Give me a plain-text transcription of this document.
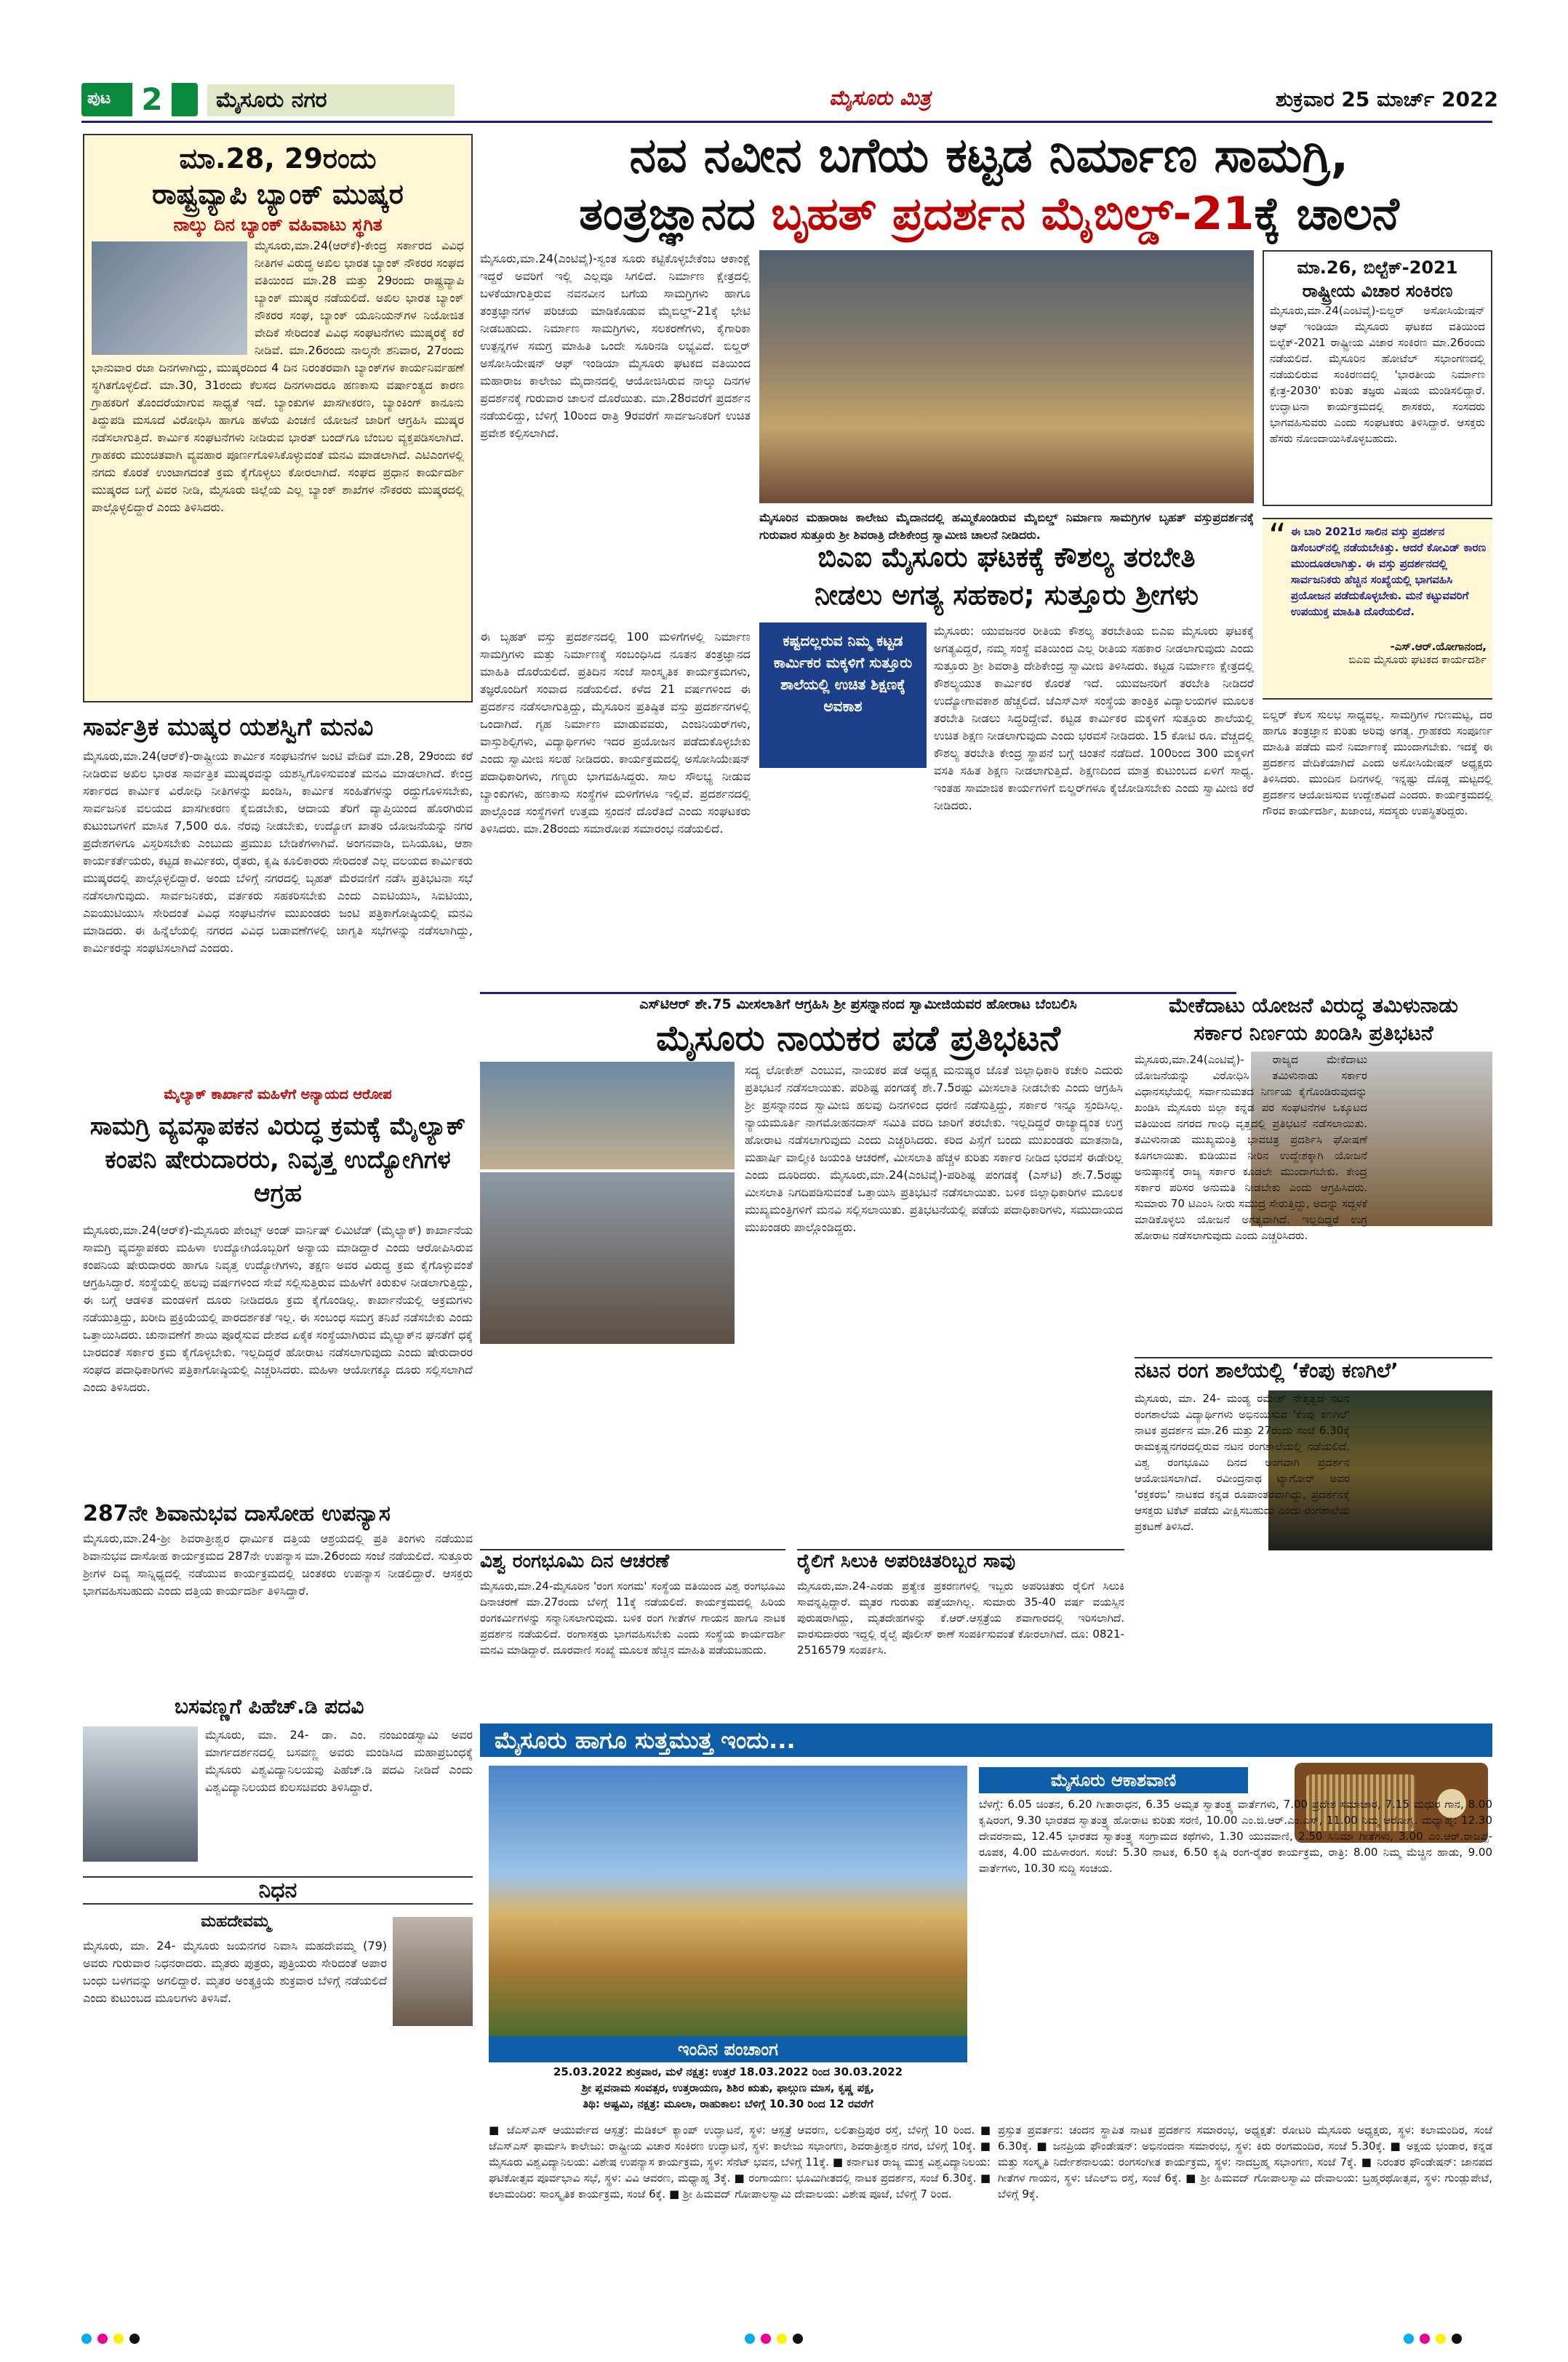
ಪುಟ 2	ಮೈಸೂರು ನಗರ	ಮೈಸೂರು ಮಿತ್ರ	ಶುಕ್ರವಾರ 25 ಮಾರ್ಚ್ 2022
ಮಾ.28, 29ರಂದು
ರಾಷ್ಟ್ರವ್ಯಾಪಿ ಬ್ಯಾಂಕ್ ಮುಷ್ಕರ
ನಾಲ್ಕು ದಿನ ಬ್ಯಾಂಕ್ ವಹಿವಾಟು ಸ್ಥಗಿತ
ಮೈಸೂರು,ಮಾ.24(ಆರ್‌ಕೆ)-ಕೇಂದ್ರ ಸರ್ಕಾರದ ವಿವಿಧ ನೀತಿಗಳ ವಿರುದ್ಧ ಅಖಿಲ ಭಾರತ ಬ್ಯಾಂಕ್ ನೌಕರರ ಸಂಘದ ವತಿಯಿಂದ ಮಾ.28 ಮತ್ತು 29ರಂದು ರಾಷ್ಟ್ರವ್ಯಾಪಿ ಬ್ಯಾಂಕ್ ಮುಷ್ಕರ ನಡೆಯಲಿದೆ. ಅಖಿಲ ಭಾರತ ಬ್ಯಾಂಕ್ ನೌಕರರ ಸಂಘ, ಬ್ಯಾಂಕ್ ಯೂನಿಯನ್‌ಗಳ ನಿಯೋಜಿತ ವೇದಿಕೆ ಸೇರಿದಂತೆ ವಿವಿಧ ಸಂಘಟನೆಗಳು ಮುಷ್ಕರಕ್ಕೆ ಕರೆ ನೀಡಿವೆ. ಮಾ.26ರಂದು ನಾಲ್ಕನೇ ಶನಿವಾರ, 27ರಂದು ಭಾನುವಾರ ರಜಾ ದಿನಗಳಾಗಿದ್ದು, ಮುಷ್ಕರದಿಂದ 4 ದಿನ ನಿರಂತರವಾಗಿ ಬ್ಯಾಂಕ್‌ಗಳ ಕಾರ್ಯನಿರ್ವಹಣೆ ಸ್ಥಗಿತಗೊಳ್ಳಲಿದೆ. ಮಾ.30, 31ರಂದು ಕೆಲಸದ ದಿನಗಳಾದರೂ ಹಣಕಾಸು ವರ್ಷಾಂತ್ಯದ ಕಾರಣ ಗ್ರಾಹಕರಿಗೆ ತೊಂದರೆಯಾಗುವ ಸಾಧ್ಯತೆ ಇದೆ. ಬ್ಯಾಂಕುಗಳ ಖಾಸಗೀಕರಣ, ಬ್ಯಾಂಕಿಂಗ್ ಕಾನೂನು ತಿದ್ದುಪಡಿ ಮಸೂದೆ ವಿರೋಧಿಸಿ ಹಾಗೂ ಹಳೆಯ ಪಿಂಚಣಿ ಯೋಜನೆ ಜಾರಿಗೆ ಆಗ್ರಹಿಸಿ ಮುಷ್ಕರ ನಡೆಸಲಾಗುತ್ತಿದೆ. ಕಾರ್ಮಿಕ ಸಂಘಟನೆಗಳು ನೀಡಿರುವ ಭಾರತ್ ಬಂದ್‌ಗೂ ಬೆಂಬಲ ವ್ಯಕ್ತಪಡಿಸಲಾಗಿದೆ. ಗ್ರಾಹಕರು ಮುಂಚಿತವಾಗಿ ವ್ಯವಹಾರ ಪೂರ್ಣಗೊಳಿಸಿಕೊಳ್ಳುವಂತೆ ಮನವಿ ಮಾಡಲಾಗಿದೆ. ಎಟಿಎಂಗಳಲ್ಲಿ ನಗದು ಕೊರತೆ ಉಂಟಾಗದಂತೆ ಕ್ರಮ ಕೈಗೊಳ್ಳಲು ಕೋರಲಾಗಿದೆ. ಸಂಘದ ಪ್ರಧಾನ ಕಾರ್ಯದರ್ಶಿ ಮುಷ್ಕರದ ಬಗ್ಗೆ ವಿವರ ನೀಡಿ, ಮೈಸೂರು ಜಿಲ್ಲೆಯ ಎಲ್ಲ ಬ್ಯಾಂಕ್ ಶಾಖೆಗಳ ನೌಕರರು ಮುಷ್ಕರದಲ್ಲಿ ಪಾಲ್ಗೊಳ್ಳಲಿದ್ದಾರೆ ಎಂದು ತಿಳಿಸಿದರು.
ಸಾರ್ವತ್ರಿಕ ಮುಷ್ಕರ ಯಶಸ್ವಿಗೆ ಮನವಿ
ಮೈಸೂರು,ಮಾ.24(ಆರ್‌ಕೆ)-ರಾಷ್ಟ್ರೀಯ ಕಾರ್ಮಿಕ ಸಂಘಟನೆಗಳ ಜಂಟಿ ವೇದಿಕೆ ಮಾ.28, 29ರಂದು ಕರೆ ನೀಡಿರುವ ಅಖಿಲ ಭಾರತ ಸಾರ್ವತ್ರಿಕ ಮುಷ್ಕರವನ್ನು ಯಶಸ್ವಿಗೊಳಿಸುವಂತೆ ಮನವಿ ಮಾಡಲಾಗಿದೆ. ಕೇಂದ್ರ ಸರ್ಕಾರದ ಕಾರ್ಮಿಕ ವಿರೋಧಿ ನೀತಿಗಳನ್ನು ಖಂಡಿಸಿ, ಕಾರ್ಮಿಕ ಸಂಹಿತೆಗಳನ್ನು ರದ್ದುಗೊಳಿಸಬೇಕು, ಸಾರ್ವಜನಿಕ ವಲಯದ ಖಾಸಗೀಕರಣ ಕೈಬಿಡಬೇಕು, ಆದಾಯ ತೆರಿಗೆ ವ್ಯಾಪ್ತಿಯಿಂದ ಹೊರಗಿರುವ ಕುಟುಂಬಗಳಿಗೆ ಮಾಸಿಕ 7,500 ರೂ. ನೆರವು ನೀಡಬೇಕು, ಉದ್ಯೋಗ ಖಾತರಿ ಯೋಜನೆಯನ್ನು ನಗರ ಪ್ರದೇಶಗಳಿಗೂ ವಿಸ್ತರಿಸಬೇಕು ಎಂಬುದು ಪ್ರಮುಖ ಬೇಡಿಕೆಗಳಾಗಿವೆ. ಅಂಗನವಾಡಿ, ಬಿಸಿಯೂಟ, ಆಶಾ ಕಾರ್ಯಕರ್ತೆಯರು, ಕಟ್ಟಡ ಕಾರ್ಮಿಕರು, ರೈತರು, ಕೃಷಿ ಕೂಲಿಕಾರರು ಸೇರಿದಂತೆ ಎಲ್ಲ ವಲಯದ ಕಾರ್ಮಿಕರು ಮುಷ್ಕರದಲ್ಲಿ ಪಾಲ್ಗೊಳ್ಳಲಿದ್ದಾರೆ. ಅಂದು ಬೆಳಿಗ್ಗೆ ನಗರದಲ್ಲಿ ಬೃಹತ್ ಮೆರವಣಿಗೆ ನಡೆಸಿ ಪ್ರತಿಭಟನಾ ಸಭೆ ನಡೆಸಲಾಗುವುದು. ಸಾರ್ವಜನಿಕರು, ವರ್ತಕರು ಸಹಕರಿಸಬೇಕು ಎಂದು ಎಐಟಿಯುಸಿ, ಸಿಐಟಿಯು, ಎಐಯುಟಿಯುಸಿ ಸೇರಿದಂತೆ ವಿವಿಧ ಸಂಘಟನೆಗಳ ಮುಖಂಡರು ಜಂಟಿ ಪತ್ರಿಕಾಗೋಷ್ಠಿಯಲ್ಲಿ ಮನವಿ ಮಾಡಿದರು. ಈ ಹಿನ್ನೆಲೆಯಲ್ಲಿ ನಗರದ ವಿವಿಧ ಬಡಾವಣೆಗಳಲ್ಲಿ ಜಾಗೃತಿ ಸಭೆಗಳನ್ನು ನಡೆಸಲಾಗಿದ್ದು, ಕಾರ್ಮಿಕರನ್ನು ಸಂಘಟಿಸಲಾಗಿದೆ ಎಂದರು.
ಮೈಲ್ಯಾಕ್ ಕಾರ್ಖಾನೆ ಮಹಿಳೆಗೆ ಅನ್ಯಾಯದ ಆರೋಪ
ಸಾಮಗ್ರಿ ವ್ಯವಸ್ಥಾಪಕನ ವಿರುದ್ಧ ಕ್ರಮಕ್ಕೆ ಮೈಲ್ಯಾಕ್ ಕಂಪನಿ ಷೇರುದಾರರು, ನಿವೃತ್ತ ಉದ್ಯೋಗಿಗಳ ಆಗ್ರಹ
ಮೈಸೂರು,ಮಾ.24(ಆರ್‌ಕೆ)-ಮೈಸೂರು ಪೇಂಟ್ಸ್ ಅಂಡ್ ವಾರ್ನಿಷ್ ಲಿಮಿಟೆಡ್ (ಮೈಲ್ಯಾಕ್) ಕಾರ್ಖಾನೆಯ ಸಾಮಗ್ರಿ ವ್ಯವಸ್ಥಾಪಕರು ಮಹಿಳಾ ಉದ್ಯೋಗಿಯೊಬ್ಬರಿಗೆ ಅನ್ಯಾಯ ಮಾಡಿದ್ದಾರೆ ಎಂದು ಆರೋಪಿಸಿರುವ ಕಂಪನಿಯ ಷೇರುದಾರರು ಹಾಗೂ ನಿವೃತ್ತ ಉದ್ಯೋಗಿಗಳು, ತಕ್ಷಣ ಅವರ ವಿರುದ್ಧ ಕ್ರಮ ಕೈಗೊಳ್ಳುವಂತೆ ಆಗ್ರಹಿಸಿದ್ದಾರೆ. ಸಂಸ್ಥೆಯಲ್ಲಿ ಹಲವು ವರ್ಷಗಳಿಂದ ಸೇವೆ ಸಲ್ಲಿಸುತ್ತಿರುವ ಮಹಿಳೆಗೆ ಕಿರುಕುಳ ನೀಡಲಾಗುತ್ತಿದ್ದು, ಈ ಬಗ್ಗೆ ಆಡಳಿತ ಮಂಡಳಿಗೆ ದೂರು ನೀಡಿದರೂ ಕ್ರಮ ಕೈಗೊಂಡಿಲ್ಲ. ಕಾರ್ಖಾನೆಯಲ್ಲಿ ಅಕ್ರಮಗಳು ನಡೆಯುತ್ತಿದ್ದು, ಖರೀದಿ ಪ್ರಕ್ರಿಯೆಯಲ್ಲಿ ಪಾರದರ್ಶಕತೆ ಇಲ್ಲ. ಈ ಸಂಬಂಧ ಸಮಗ್ರ ತನಿಖೆ ನಡೆಸಬೇಕು ಎಂದು ಒತ್ತಾಯಿಸಿದರು. ಚುನಾವಣೆಗೆ ಶಾಯಿ ಪೂರೈಸುವ ದೇಶದ ಏಕೈಕ ಸಂಸ್ಥೆಯಾಗಿರುವ ಮೈಲ್ಯಾಕ್‌ನ ಘನತೆಗೆ ಧಕ್ಕೆ ಬಾರದಂತೆ ಸರ್ಕಾರ ಕ್ರಮ ಕೈಗೊಳ್ಳಬೇಕು. ಇಲ್ಲದಿದ್ದರೆ ಹೋರಾಟ ನಡೆಸಲಾಗುವುದು ಎಂದು ಷೇರುದಾರರ ಸಂಘದ ಪದಾಧಿಕಾರಿಗಳು ಪತ್ರಿಕಾಗೋಷ್ಠಿಯಲ್ಲಿ ಎಚ್ಚರಿಸಿದರು. ಮಹಿಳಾ ಆಯೋಗಕ್ಕೂ ದೂರು ಸಲ್ಲಿಸಲಾಗಿದೆ ಎಂದು ತಿಳಿಸಿದರು.
287ನೇ ಶಿವಾನುಭವ ದಾಸೋಹ ಉಪನ್ಯಾಸ
ಮೈಸೂರು,ಮಾ.24-ಶ್ರೀ ಶಿವರಾತ್ರೀಶ್ವರ ಧಾರ್ಮಿಕ ದತ್ತಿಯ ಆಶ್ರಯದಲ್ಲಿ ಪ್ರತಿ ತಿಂಗಳು ನಡೆಯುವ ಶಿವಾನುಭವ ದಾಸೋಹ ಕಾರ್ಯಕ್ರಮದ 287ನೇ ಉಪನ್ಯಾಸ ಮಾ.26ರಂದು ಸಂಜೆ ನಡೆಯಲಿದೆ. ಸುತ್ತೂರು ಶ್ರೀಗಳ ದಿವ್ಯ ಸಾನ್ನಿಧ್ಯದಲ್ಲಿ ನಡೆಯುವ ಕಾರ್ಯಕ್ರಮದಲ್ಲಿ ಚಿಂತಕರು ಉಪನ್ಯಾಸ ನೀಡಲಿದ್ದಾರೆ. ಆಸಕ್ತರು ಭಾಗವಹಿಸಬಹುದು ಎಂದು ದತ್ತಿಯ ಕಾರ್ಯದರ್ಶಿ ತಿಳಿಸಿದ್ದಾರೆ.
ಬಸವಣ್ಣಗೆ ಪಿಹೆಚ್.ಡಿ ಪದವಿ
ಮೈಸೂರು, ಮಾ. 24- ಡಾ. ಎಂ. ನಂಜುಂಡಸ್ವಾಮಿ ಅವರ ಮಾರ್ಗದರ್ಶನದಲ್ಲಿ ಬಸವಣ್ಣ ಅವರು ಮಂಡಿಸಿದ ಮಹಾಪ್ರಬಂಧಕ್ಕೆ ಮೈಸೂರು ವಿಶ್ವವಿದ್ಯಾನಿಲಯವು ಪಿಹೆಚ್.ಡಿ ಪದವಿ ನೀಡಿದೆ ಎಂದು ವಿಶ್ವವಿದ್ಯಾನಿಲಯದ ಕುಲಸಚಿವರು ತಿಳಿಸಿದ್ದಾರೆ.
ನಿಧನ
ಮಹದೇವಮ್ಮ
ಮೈಸೂರು, ಮಾ. 24- ಮೈಸೂರು ಜಯನಗರ ನಿವಾಸಿ ಮಹದೇವಮ್ಮ (79) ಅವರು ಗುರುವಾರ ನಿಧನರಾದರು. ಮೃತರು ಪುತ್ರರು, ಪುತ್ರಿಯರು ಸೇರಿದಂತೆ ಅಪಾರ ಬಂಧು ಬಳಗವನ್ನು ಅಗಲಿದ್ದಾರೆ. ಮೃತರ ಅಂತ್ಯಕ್ರಿಯೆ ಶುಕ್ರವಾರ ಬೆಳಿಗ್ಗೆ ನಡೆಯಲಿದೆ ಎಂದು ಕುಟುಂಬದ ಮೂಲಗಳು ತಿಳಿಸಿವೆ.
ನವ ನವೀನ ಬಗೆಯ ಕಟ್ಟಡ ನಿರ್ಮಾಣ ಸಾಮಗ್ರಿ,
ತಂತ್ರಜ್ಞಾನದ ಬೃಹತ್ ಪ್ರದರ್ಶನ ಮೈಬಿಲ್ಡ್-21ಕ್ಕೆ ಚಾಲನೆ
ಮೈಸೂರು,ಮಾ.24(ಎಂಟಿವೈ)-ಸ್ವಂತ ಸೂರು ಕಟ್ಟಿಕೊಳ್ಳಬೇಕೆಂಬ ಆಕಾಂಕ್ಷೆ ಇದ್ದರೆ ಅವರಿಗೆ ಇಲ್ಲಿ ಎಲ್ಲವೂ ಸಿಗಲಿದೆ. ನಿರ್ಮಾಣ ಕ್ಷೇತ್ರದಲ್ಲಿ ಬಳಕೆಯಾಗುತ್ತಿರುವ ನವನವೀನ ಬಗೆಯ ಸಾಮಗ್ರಿಗಳು ಹಾಗೂ ತಂತ್ರಜ್ಞಾನಗಳ ಪರಿಚಯ ಮಾಡಿಕೊಡುವ ಮೈಬಿಲ್ಡ್-21ಕ್ಕೆ ಭೇಟಿ ನೀಡಬಹುದು. ನಿರ್ಮಾಣ ಸಾಮಗ್ರಿಗಳು, ಸಲಕರಣೆಗಳು, ಕೈಗಾರಿಕಾ ಉತ್ಪನ್ನಗಳ ಸಮಗ್ರ ಮಾಹಿತಿ ಒಂದೇ ಸೂರಿನಡಿ ಲಭ್ಯವಿದೆ. ಬಿಲ್ಡರ್ ಅಸೋಸಿಯೇಷನ್ ಆಫ್ ಇಂಡಿಯಾ ಮೈಸೂರು ಘಟಕದ ವತಿಯಿಂದ ಮಹಾರಾಜ ಕಾಲೇಜು ಮೈದಾನದಲ್ಲಿ ಆಯೋಜಿಸಿರುವ ನಾಲ್ಕು ದಿನಗಳ ಪ್ರದರ್ಶನಕ್ಕೆ ಗುರುವಾರ ಚಾಲನೆ ದೊರೆಯಿತು. ಮಾ.28ರವರೆಗೆ ಪ್ರದರ್ಶನ ನಡೆಯಲಿದ್ದು, ಬೆಳಿಗ್ಗೆ 10ರಿಂದ ರಾತ್ರಿ 9ರವರೆಗೆ ಸಾರ್ವಜನಿಕರಿಗೆ ಉಚಿತ ಪ್ರವೇಶ ಕಲ್ಪಿಸಲಾಗಿದೆ.
ಈ ಬೃಹತ್ ವಸ್ತು ಪ್ರದರ್ಶನದಲ್ಲಿ 100 ಮಳಿಗೆಗಳಲ್ಲಿ ನಿರ್ಮಾಣ ಸಾಮಗ್ರಿಗಳು ಮತ್ತು ನಿರ್ಮಾಣಕ್ಕೆ ಸಂಬಂಧಿಸಿದ ನೂತನ ತಂತ್ರಜ್ಞಾನದ ಮಾಹಿತಿ ದೊರೆಯಲಿದೆ. ಪ್ರತಿದಿನ ಸಂಜೆ ಸಾಂಸ್ಕೃತಿಕ ಕಾರ್ಯಕ್ರಮಗಳು, ತಜ್ಞರೊಂದಿಗೆ ಸಂವಾದ ನಡೆಯಲಿದೆ. ಕಳೆದ 21 ವರ್ಷಗಳಿಂದ ಈ ಪ್ರದರ್ಶನ ನಡೆಸಲಾಗುತ್ತಿದ್ದು, ಮೈಸೂರಿನ ಪ್ರತಿಷ್ಠಿತ ವಸ್ತು ಪ್ರದರ್ಶನಗಳಲ್ಲಿ ಒಂದಾಗಿದೆ. ಗೃಹ ನಿರ್ಮಾಣ ಮಾಡುವವರು, ಎಂಜಿನಿಯರ್‌ಗಳು, ವಾಸ್ತುಶಿಲ್ಪಿಗಳು, ವಿದ್ಯಾರ್ಥಿಗಳು ಇದರ ಪ್ರಯೋಜನ ಪಡೆದುಕೊಳ್ಳಬೇಕು ಎಂದು ಸ್ವಾಮೀಜಿ ಸಲಹೆ ನೀಡಿದರು. ಕಾರ್ಯಕ್ರಮದಲ್ಲಿ ಅಸೋಸಿಯೇಷನ್ ಪದಾಧಿಕಾರಿಗಳು, ಗಣ್ಯರು ಭಾಗವಹಿಸಿದ್ದರು. ಸಾಲ ಸೌಲಭ್ಯ ನೀಡುವ ಬ್ಯಾಂಕುಗಳು, ಹಣಕಾಸು ಸಂಸ್ಥೆಗಳ ಮಳಿಗೆಗಳೂ ಇಲ್ಲಿವೆ. ಪ್ರದರ್ಶನದಲ್ಲಿ ಪಾಲ್ಗೊಂಡ ಸಂಸ್ಥೆಗಳಿಗೆ ಉತ್ತಮ ಸ್ಪಂದನೆ ದೊರೆತಿದೆ ಎಂದು ಸಂಘಟಕರು ತಿಳಿಸಿದರು. ಮಾ.28ರಂದು ಸಮಾರೋಪ ಸಮಾರಂಭ ನಡೆಯಲಿದೆ.
ಮೈಸೂರಿನ ಮಹಾರಾಜ ಕಾಲೇಜು ಮೈದಾನದಲ್ಲಿ ಹಮ್ಮಿಕೊಂಡಿರುವ ಮೈಬಿಲ್ಡ್ ನಿರ್ಮಾಣ ಸಾಮಗ್ರಿಗಳ ಬೃಹತ್ ವಸ್ತುಪ್ರದರ್ಶನಕ್ಕೆ ಗುರುವಾರ ಸುತ್ತೂರು ಶ್ರೀ ಶಿವರಾತ್ರಿ ದೇಶಿಕೇಂದ್ರ ಸ್ವಾಮೀಜಿ ಚಾಲನೆ ನೀಡಿದರು.
ಮಾ.26, ಬಿಲ್ಟೆಕ್-2021
ರಾಷ್ಟ್ರೀಯ ವಿಚಾರ ಸಂಕಿರಣ
ಮೈಸೂರು,ಮಾ.24(ಎಂಟಿವೈ)-ಬಿಲ್ಡರ್ ಅಸೋಸಿಯೇಷನ್ ಆಫ್ ಇಂಡಿಯಾ ಮೈಸೂರು ಘಟಕದ ವತಿಯಿಂದ ಬಿಲ್ಟೆಕ್-2021 ರಾಷ್ಟ್ರೀಯ ವಿಚಾರ ಸಂಕಿರಣ ಮಾ.26ರಂದು ನಡೆಯಲಿದೆ. ಮೈಸೂರಿನ ಹೋಟೆಲ್ ಸಭಾಂಗಣದಲ್ಲಿ ನಡೆಯಲಿರುವ ಸಂಕಿರಣದಲ್ಲಿ 'ಭಾರತೀಯ ನಿರ್ಮಾಣ ಕ್ಷೇತ್ರ-2030' ಕುರಿತು ತಜ್ಞರು ವಿಷಯ ಮಂಡಿಸಲಿದ್ದಾರೆ. ಉದ್ಘಾಟನಾ ಕಾರ್ಯಕ್ರಮದಲ್ಲಿ ಶಾಸಕರು, ಸಂಸದರು ಭಾಗವಹಿಸುವರು ಎಂದು ಸಂಘಟಕರು ತಿಳಿಸಿದ್ದಾರೆ. ಆಸಕ್ತರು ಹೆಸರು ನೋಂದಾಯಿಸಿಕೊಳ್ಳಬಹುದು.
“ ಈ ಬಾರಿ 2021ರ ಸಾಲಿನ ವಸ್ತು ಪ್ರದರ್ಶನ ಡಿಸೆಂಬರ್‌ನಲ್ಲಿ ನಡೆಯಬೇಕಿತ್ತು. ಆದರೆ ಕೋವಿಡ್ ಕಾರಣ ಮುಂದೂಡಲಾಗಿತ್ತು. ಈ ವಸ್ತು ಪ್ರದರ್ಶನದಲ್ಲಿ ಸಾರ್ವಜನಿಕರು ಹೆಚ್ಚಿನ ಸಂಖ್ಯೆಯಲ್ಲಿ ಭಾಗವಹಿಸಿ ಪ್ರಯೋಜನ ಪಡೆದುಕೊಳ್ಳಬೇಕು. ಮನೆ ಕಟ್ಟುವವರಿಗೆ ಉಪಯುಕ್ತ ಮಾಹಿತಿ ದೊರೆಯಲಿದೆ.
-ಎಸ್.ಆರ್.ಯೋಗಾನಂದ,
ಬಿಎಐ ಮೈಸೂರು ಘಟಕದ ಕಾರ್ಯದರ್ಶಿ
ಬಿಲ್ಡರ್ ಕೆಲಸ ಸುಲಭ ಸಾಧ್ಯವಲ್ಲ. ಸಾಮಗ್ರಿಗಳ ಗುಣಮಟ್ಟ, ದರ ಹಾಗೂ ತಂತ್ರಜ್ಞಾನ ಕುರಿತು ಅರಿವು ಅಗತ್ಯ. ಗ್ರಾಹಕರು ಸಂಪೂರ್ಣ ಮಾಹಿತಿ ಪಡೆದು ಮನೆ ನಿರ್ಮಾಣಕ್ಕೆ ಮುಂದಾಗಬೇಕು. ಇದಕ್ಕೆ ಈ ಪ್ರದರ್ಶನ ವೇದಿಕೆಯಾಗಿದೆ ಎಂದು ಅಸೋಸಿಯೇಷನ್ ಅಧ್ಯಕ್ಷರು ತಿಳಿಸಿದರು. ಮುಂದಿನ ದಿನಗಳಲ್ಲಿ ಇನ್ನಷ್ಟು ದೊಡ್ಡ ಮಟ್ಟದಲ್ಲಿ ಪ್ರದರ್ಶನ ಆಯೋಜಿಸುವ ಉದ್ದೇಶವಿದೆ ಎಂದರು. ಕಾರ್ಯಕ್ರಮದಲ್ಲಿ ಗೌರವ ಕಾರ್ಯದರ್ಶಿ, ಖಜಾಂಚಿ, ಸದಸ್ಯರು ಉಪಸ್ಥಿತರಿದ್ದರು.
ಬಿಎಐ ಮೈಸೂರು ಘಟಕಕ್ಕೆ ಕೌಶಲ್ಯ ತರಬೇತಿ
ನೀಡಲು ಅಗತ್ಯ ಸಹಕಾರ; ಸುತ್ತೂರು ಶ್ರೀಗಳು
ಕಷ್ಟದಲ್ಲರುವ ನಿಮ್ಮ ಕಟ್ಟಡ ಕಾರ್ಮಿಕರ ಮಕ್ಕಳಿಗೆ ಸುತ್ತೂರು ಶಾಲೆಯಲ್ಲಿ ಉಚಿತ ಶಿಕ್ಷಣಕ್ಕೆ ಅವಕಾಶ
ಮೈಸೂರು: ಯುವಜನರ ರೀತಿಯ ಕೌಶಲ್ಯ ತರಬೇತಿಯ ಬಿಎಐ ಮೈಸೂರು ಘಟಕಕ್ಕೆ ಅಗತ್ಯವಿದ್ದರೆ, ನಮ್ಮ ಸಂಸ್ಥೆ ವತಿಯಿಂದ ಎಲ್ಲ ರೀತಿಯ ಸಹಕಾರ ನೀಡಲಾಗುವುದು ಎಂದು ಸುತ್ತೂರು ಶ್ರೀ ಶಿವರಾತ್ರಿ ದೇಶಿಕೇಂದ್ರ ಸ್ವಾಮೀಜಿ ತಿಳಿಸಿದರು. ಕಟ್ಟಡ ನಿರ್ಮಾಣ ಕ್ಷೇತ್ರದಲ್ಲಿ ಕೌಶಲ್ಯಯುತ ಕಾರ್ಮಿಕರ ಕೊರತೆ ಇದೆ. ಯುವಜನರಿಗೆ ತರಬೇತಿ ನೀಡಿದರೆ ಉದ್ಯೋಗಾವಕಾಶ ಹೆಚ್ಚಲಿದೆ. ಜೆಎಸ್‌ಎಸ್ ಸಂಸ್ಥೆಯ ತಾಂತ್ರಿಕ ವಿದ್ಯಾಲಯಗಳ ಮೂಲಕ ತರಬೇತಿ ನೀಡಲು ಸಿದ್ಧರಿದ್ದೇವೆ. ಕಟ್ಟಡ ಕಾರ್ಮಿಕರ ಮಕ್ಕಳಿಗೆ ಸುತ್ತೂರು ಶಾಲೆಯಲ್ಲಿ ಉಚಿತ ಶಿಕ್ಷಣ ನೀಡಲಾಗುವುದು ಎಂದು ಭರವಸೆ ನೀಡಿದರು. 15 ಕೋಟಿ ರೂ. ವೆಚ್ಚದಲ್ಲಿ ಕೌಶಲ್ಯ ತರಬೇತಿ ಕೇಂದ್ರ ಸ್ಥಾಪನೆ ಬಗ್ಗೆ ಚಿಂತನೆ ನಡೆದಿದೆ. 100ರಿಂದ 300 ಮಕ್ಕಳಿಗೆ ವಸತಿ ಸಹಿತ ಶಿಕ್ಷಣ ನೀಡಲಾಗುತ್ತಿದೆ. ಶಿಕ್ಷಣದಿಂದ ಮಾತ್ರ ಕುಟುಂಬದ ಏಳಿಗೆ ಸಾಧ್ಯ. ಇಂತಹ ಸಾಮಾಜಿಕ ಕಾರ್ಯಗಳಿಗೆ ಬಿಲ್ಡರ್‌ಗಳೂ ಕೈಜೋಡಿಸಬೇಕು ಎಂದು ಸ್ವಾಮೀಜಿ ಕರೆ ನೀಡಿದರು.
ಎಸ್‌ಟಿಆರ್ ಶೇ.75 ಮೀಸಲಾತಿಗೆ ಆಗ್ರಹಿಸಿ ಶ್ರೀ ಪ್ರಸನ್ನಾನಂದ ಸ್ವಾಮೀಜಿಯವರ ಹೋರಾಟ ಬೆಂಬಲಿಸಿ
ಮೈಸೂರು ನಾಯಕರ ಪಡೆ ಪ್ರತಿಭಟನೆ
ಸದ್ಯ ಲೋಕೇಶ್ ಎಂಬುವ, ನಾಯಕರ ಪಡೆ ಅಧ್ಯಕ್ಷ ಮನುಷ್ಯರ ಜೊತೆ ಜಿಲ್ಲಾಧಿಕಾರಿ ಕಚೇರಿ ಎದುರು ಪ್ರತಿಭಟನೆ ನಡೆಸಲಾಯಿತು. ಪರಿಶಿಷ್ಟ ಪಂಗಡಕ್ಕೆ ಶೇ.7.5ರಷ್ಟು ಮೀಸಲಾತಿ ನೀಡಬೇಕು ಎಂದು ಆಗ್ರಹಿಸಿ ಶ್ರೀ ಪ್ರಸನ್ನಾನಂದ ಸ್ವಾಮೀಜಿ ಹಲವು ದಿನಗಳಿಂದ ಧರಣಿ ನಡೆಸುತ್ತಿದ್ದು, ಸರ್ಕಾರ ಇನ್ನೂ ಸ್ಪಂದಿಸಿಲ್ಲ. ನ್ಯಾಯಮೂರ್ತಿ ನಾಗಮೋಹನದಾಸ್ ಸಮಿತಿ ವರದಿ ಜಾರಿಗೆ ತರಬೇಕು. ಇಲ್ಲದಿದ್ದರೆ ರಾಜ್ಯಾದ್ಯಂತ ಉಗ್ರ ಹೋರಾಟ ನಡೆಸಲಾಗುವುದು ಎಂದು ಎಚ್ಚರಿಸಿದರು. ಕರಿದ ಪಿಸ್ಸೆಗೆ ಬಂದು ಮುಖಂಡರು ಮಾತನಾಡಿ, ಮಹಾರ್ಷಿ ವಾಲ್ಮೀಕಿ ಜಯಂತಿ ಆಚರಣೆ, ಮೀಸಲಾತಿ ಹೆಚ್ಚಳ ಕುರಿತು ಸರ್ಕಾರ ನೀಡಿದ ಭರವಸೆ ಈಡೇರಿಲ್ಲ ಎಂದು ದೂರಿದರು. ಮೈಸೂರು,ಮಾ.24(ಎಂಟಿವೈ)-ಪರಿಶಿಷ್ಟ ಪಂಗಡಕ್ಕೆ (ಎಸ್‌ಟಿ) ಶೇ.7.5ರಷ್ಟು ಮೀಸಲಾತಿ ನಿಗದಿಪಡಿಸುವಂತೆ ಒತ್ತಾಯಿಸಿ ಪ್ರತಿಭಟನೆ ನಡೆಸಲಾಯಿತು. ಬಳಿಕ ಜಿಲ್ಲಾಧಿಕಾರಿಗಳ ಮೂಲಕ ಮುಖ್ಯಮಂತ್ರಿಗಳಿಗೆ ಮನವಿ ಸಲ್ಲಿಸಲಾಯಿತು. ಪ್ರತಿಭಟನೆಯಲ್ಲಿ ಪಡೆಯ ಪದಾಧಿಕಾರಿಗಳು, ಸಮುದಾಯದ ಮುಖಂಡರು ಪಾಲ್ಗೊಂಡಿದ್ದರು.
ಮೇಕೆದಾಟು ಯೋಜನೆ ವಿರುದ್ಧ ತಮಿಳುನಾಡು
ಸರ್ಕಾರ ನಿರ್ಣಯ ಖಂಡಿಸಿ ಪ್ರತಿಭಟನೆ
ಮೈಸೂರು,ಮಾ.24(ಎಂಟಿವೈ)- ರಾಜ್ಯದ ಮೇಕೆದಾಟು ಯೋಜನೆಯನ್ನು ವಿರೋಧಿಸಿ ತಮಿಳುನಾಡು ಸರ್ಕಾರ ವಿಧಾನಸಭೆಯಲ್ಲಿ ಸರ್ವಾನುಮತದ ನಿರ್ಣಯ ಕೈಗೊಂಡಿರುವುದನ್ನು ಖಂಡಿಸಿ ಮೈಸೂರು ಜಿಲ್ಲಾ ಕನ್ನಡ ಪರ ಸಂಘಟನೆಗಳ ಒಕ್ಕೂಟದ ವತಿಯಿಂದ ನಗರದ ಗಾಂಧಿ ವೃತ್ತದಲ್ಲಿ ಪ್ರತಿಭಟನೆ ನಡೆಸಲಾಯಿತು. ತಮಿಳುನಾಡು ಮುಖ್ಯಮಂತ್ರಿ ಭಾವಚಿತ್ರ ಪ್ರದರ್ಶಿಸಿ ಘೋಷಣೆ ಕೂಗಲಾಯಿತು. ಕುಡಿಯುವ ನೀರಿನ ಉದ್ದೇಶಕ್ಕಾಗಿ ಯೋಜನೆ ಅನುಷ್ಠಾನಕ್ಕೆ ರಾಜ್ಯ ಸರ್ಕಾರ ಕೂಡಲೇ ಮುಂದಾಗಬೇಕು. ಕೇಂದ್ರ ಸರ್ಕಾರ ಪರಿಸರ ಅನುಮತಿ ನೀಡಬೇಕು ಎಂದು ಆಗ್ರಹಿಸಿದರು. ಸುಮಾರು 70 ಟಿಎಂಸಿ ನೀರು ಸಮುದ್ರ ಸೇರುತ್ತಿದ್ದು, ಅದನ್ನು ಸದ್ಬಳಕೆ ಮಾಡಿಕೊಳ್ಳಲು ಯೋಜನೆ ಅಗತ್ಯವಾಗಿದೆ. ಇಲ್ಲದಿದ್ದರೆ ಉಗ್ರ ಹೋರಾಟ ನಡೆಸಲಾಗುವುದು ಎಂದು ಎಚ್ಚರಿಸಿದರು.
ನಟನ ರಂಗ ಶಾಲೆಯಲ್ಲಿ ‘ಕೆಂಪು ಕಣಗಿಲೆ’
ಮೈಸೂರು, ಮಾ. 24- ಮಂಡ್ಯ ರಮೇಶ್ ನೇತೃತ್ವದ ನಟನ ರಂಗಶಾಲೆಯ ವಿದ್ಯಾರ್ಥಿಗಳು ಅಭಿನಯಿಸುವ 'ಕೆಂಪು ಕಣಗಿಲೆ' ನಾಟಕ ಪ್ರದರ್ಶನ ಮಾ.26 ಮತ್ತು 27ರಂದು ಸಂಜೆ 6.30ಕ್ಕೆ ರಾಮಕೃಷ್ಣನಗರದಲ್ಲಿರುವ ನಟನ ರಂಗಶಾಲೆಯಲ್ಲಿ ನಡೆಯಲಿದೆ. ವಿಶ್ವ ರಂಗಭೂಮಿ ದಿನದ ಅಂಗವಾಗಿ ಪ್ರದರ್ಶನ ಆಯೋಜಿಸಲಾಗಿದೆ. ರವೀಂದ್ರನಾಥ ಟ್ಯಾಗೋರ್ ಅವರ 'ರಕ್ತಕರಬಿ' ನಾಟಕದ ಕನ್ನಡ ರೂಪಾಂತರವಾಗಿದ್ದು, ಪ್ರದರ್ಶನಕ್ಕೆ ಆಸಕ್ತರು ಟಿಕೆಟ್ ಪಡೆದು ವೀಕ್ಷಿಸಬಹುದು ಎಂದು ರಂಗಶಾಲೆಯ ಪ್ರಕಟಣೆ ತಿಳಿಸಿದೆ.
ವಿಶ್ವ ರಂಗಭೂಮಿ ದಿನ ಆಚರಣೆ
ಮೈಸೂರು,ಮಾ.24-ಮೈಸೂರಿನ 'ರಂಗ ಸಂಗಮ' ಸಂಸ್ಥೆಯ ವತಿಯಿಂದ ವಿಶ್ವ ರಂಗಭೂಮಿ ದಿನಾಚರಣೆ ಮಾ.27ರಂದು ಬೆಳಿಗ್ಗೆ 11ಕ್ಕೆ ನಡೆಯಲಿದೆ. ಕಾರ್ಯಕ್ರಮದಲ್ಲಿ ಹಿರಿಯ ರಂಗಕರ್ಮಿಗಳನ್ನು ಸನ್ಮಾನಿಸಲಾಗುವುದು. ಬಳಿಕ ರಂಗ ಗೀತೆಗಳ ಗಾಯನ ಹಾಗೂ ನಾಟಕ ಪ್ರದರ್ಶನ ನಡೆಯಲಿದೆ. ರಂಗಾಸಕ್ತರು ಭಾಗವಹಿಸಬೇಕು ಎಂದು ಸಂಸ್ಥೆಯ ಕಾರ್ಯದರ್ಶಿ ಮನವಿ ಮಾಡಿದ್ದಾರೆ. ದೂರವಾಣಿ ಸಂಖ್ಯೆ ಮೂಲಕ ಹೆಚ್ಚಿನ ಮಾಹಿತಿ ಪಡೆಯಬಹುದು.
ರೈಲಿಗೆ ಸಿಲುಕಿ ಅಪರಿಚಿತರಿಬ್ಬರ ಸಾವು
ಮೈಸೂರು,ಮಾ.24-ಎರಡು ಪ್ರತ್ಯೇಕ ಪ್ರಕರಣಗಳಲ್ಲಿ ಇಬ್ಬರು ಅಪರಿಚಿತರು ರೈಲಿಗೆ ಸಿಲುಕಿ ಸಾವನ್ನಪ್ಪಿದ್ದಾರೆ. ಮೃತರ ಗುರುತು ಪತ್ತೆಯಾಗಿಲ್ಲ. ಸುಮಾರು 35-40 ವರ್ಷ ವಯಸ್ಸಿನ ಪುರುಷರಾಗಿದ್ದು, ಮೃತದೇಹಗಳನ್ನು ಕೆ.ಆರ್.ಆಸ್ಪತ್ರೆಯ ಶವಾಗಾರದಲ್ಲಿ ಇರಿಸಲಾಗಿದೆ. ವಾರಸುದಾರರು ಇದ್ದಲ್ಲಿ ರೈಲ್ವೆ ಪೊಲೀಸ್ ಠಾಣೆ ಸಂಪರ್ಕಿಸುವಂತೆ ಕೋರಲಾಗಿದೆ. ದೂ: 0821-2516579 ಸಂಪರ್ಕಿಸಿ.
ಮೈಸೂರು ಹಾಗೂ ಸುತ್ತಮುತ್ತ ಇಂದು...
ಇಂದಿನ ಪಂಚಾಂಗ
25.03.2022 ಶುಕ್ರವಾರ, ಮಳೆ ನಕ್ಷತ್ರ: ಉತ್ತರೆ 18.03.2022 ರಿಂದ 30.03.2022
ಶ್ರೀ ಪ್ಲವನಾಮ ಸಂವತ್ಸರ, ಉತ್ತರಾಯಣ, ಶಿಶಿರ ಋತು, ಫಾಲ್ಗುಣ ಮಾಸ, ಕೃಷ್ಣ ಪಕ್ಷ,
ತಿಥಿ: ಅಷ್ಟಮಿ, ನಕ್ಷತ್ರ: ಮೂಲಾ, ರಾಹುಕಾಲ: ಬೆಳಿಗ್ಗೆ 10.30 ರಿಂದ 12 ರವರೆಗೆ
■ ಜೆಎಸ್‌ಎಸ್ ಆಯುರ್ವೇದ ಆಸ್ಪತ್ರೆ: ಮೆಡಿಕಲ್ ಕ್ಯಾಂಪ್ ಉದ್ಘಾಟನೆ, ಸ್ಥಳ: ಆಸ್ಪತ್ರೆ ಆವರಣ, ಲಲಿತಾದ್ರಿಪುರ ರಸ್ತೆ, ಬೆಳಿಗ್ಗೆ 10 ರಿಂದ. ■ ಜೆಎಸ್‌ಎಸ್ ಫಾರ್ಮಸಿ ಕಾಲೇಜು: ರಾಷ್ಟ್ರೀಯ ವಿಚಾರ ಸಂಕಿರಣ ಉದ್ಘಾಟನೆ, ಸ್ಥಳ: ಕಾಲೇಜು ಸಭಾಂಗಣ, ಶಿವರಾತ್ರೀಶ್ವರ ನಗರ, ಬೆಳಿಗ್ಗೆ 10ಕ್ಕೆ. ■ ಮೈಸೂರು ವಿಶ್ವವಿದ್ಯಾನಿಲಯ: ವಿಶೇಷ ಉಪನ್ಯಾಸ ಕಾರ್ಯಕ್ರಮ, ಸ್ಥಳ: ಸೆನೆಟ್ ಭವನ, ಬೆಳಿಗ್ಗೆ 11ಕ್ಕೆ. ■ ಕರ್ನಾಟಕ ರಾಜ್ಯ ಮುಕ್ತ ವಿಶ್ವವಿದ್ಯಾನಿಲಯ: ಘಟಿಕೋತ್ಸವ ಪೂರ್ವಭಾವಿ ಸಭೆ, ಸ್ಥಳ: ವಿವಿ ಆವರಣ, ಮಧ್ಯಾಹ್ನ 3ಕ್ಕೆ. ■ ರಂಗಾಯಣ: ಭೂಮಿಗೀತದಲ್ಲಿ ನಾಟಕ ಪ್ರದರ್ಶನ, ಸಂಜೆ 6.30ಕ್ಕೆ. ■ ಕಲಾಮಂದಿರ: ಸಾಂಸ್ಕೃತಿಕ ಕಾರ್ಯಕ್ರಮ, ಸಂಜೆ 6ಕ್ಕೆ. ■ ಶ್ರೀ ಹಿಮವದ್ ಗೋಪಾಲಸ್ವಾಮಿ ದೇವಾಲಯ: ವಿಶೇಷ ಪೂಜೆ, ಬೆಳಿಗ್ಗೆ 7 ರಿಂದ.
ಮೈಸೂರು ಆಕಾಶವಾಣಿ
ಬೆಳಗ್ಗೆ: 6.05 ಚಿಂತನ, 6.20 ಗೀತಾರಾಧನ, 6.35 ಅಮೃತ ಸ್ವಾತಂತ್ರ್ಯ ವಾರ್ತೆಗಳು, 7.00 ಪ್ರದೇಶ ಸಮಾಚಾರ, 7.15 ಮಧುರ ಗಾನ, 8.00 ಕೃಷಿರಂಗ, 9.30 ಭಾರತದ ಸ್ವಾತಂತ್ರ್ಯ ಹೋರಾಟ ಕುರಿತು ಸರಣಿ, 10.00 ಎಂ.ಜಿ.ಆರ್.ಎಂ.ಎಸ್, 11.00 ನಿಮ್ಮ ಆರೋಗ್ಯ. ಮಧ್ಯಾಹ್ನ: 12.30 ದೇವರನಾಮ, 12.45 ಭಾರತದ ಸ್ವಾತಂತ್ರ್ಯ ಸಂಗ್ರಾಮದ ಕಥೆಗಳು, 1.30 ಯುವವಾಣಿ, 2.50 ಸಿನಿಮಾ ಗೀತೆಗಳು, 3.00 ಎಂ.ಆರ್.ರಾಜಪ್ಪ-ರೂಪಕ, 4.00 ಮಹಿಳಾರಂಗ. ಸಂಜೆ: 5.30 ನಾಟಕ, 6.50 ಕೃಷಿ ರಂಗ-ರೈತರ ಕಾರ್ಯಕ್ರಮ, ರಾತ್ರಿ: 8.00 ನಿಮ್ಮ ಮೆಚ್ಚಿನ ಹಾಡು, 9.00 ವಾರ್ತೆಗಳು, 10.30 ಸುದ್ದಿ ಸಂಚಯ.
ಪ್ರಸ್ತುತ ಪ್ರವರ್ತನ: ಚಂದನ ಸ್ಥಾಪಿತ ನಾಟಕ ಪ್ರದರ್ಶನ ಸಮಾರಂಭ, ಅಧ್ಯಕ್ಷತೆ: ರೋಟರಿ ಮೈಸೂರು ಅಧ್ಯಕ್ಷರು, ಸ್ಥಳ: ಕಲಾಮಂದಿರ, ಸಂಜೆ 6.30ಕ್ಕೆ. ■ ಜನಪ್ರಿಯ ಫೌಂಡೇಷನ್: ಅಭಿನಂದನಾ ಸಮಾರಂಭ, ಸ್ಥಳ: ಕಿರು ರಂಗಮಂದಿರ, ಸಂಜೆ 5.30ಕ್ಕೆ. ■ ಅಕ್ಷಯ ಭಂಡಾರ, ಕನ್ನಡ ಮತ್ತು ಸಂಸ್ಕೃತಿ ನಿರ್ದೇಶನಾಲಯ: ರಂಗಸಂಗೀತ ಕಾರ್ಯಕ್ರಮ, ಸ್ಥಳ: ನಾದಬ್ರಹ್ಮ ಸಭಾಂಗಣ, ಸಂಜೆ 7ಕ್ಕೆ. ■ ನಿರಂತರ ಫೌಂಡೇಷನ್: ಜಾನಪದ ಗೀತೆಗಳ ಗಾಯನ, ಸ್ಥಳ: ಜೆಎಲ್‌ಬಿ ರಸ್ತೆ, ಸಂಜೆ 6ಕ್ಕೆ. ■ ಶ್ರೀ ಹಿಮವದ್ ಗೋಪಾಲಸ್ವಾಮಿ ದೇವಾಲಯ: ಬ್ರಹ್ಮರಥೋತ್ಸವ, ಸ್ಥಳ: ಗುಂಡ್ಲುಪೇಟೆ, ಬೆಳಿಗ್ಗೆ 9ಕ್ಕೆ.
